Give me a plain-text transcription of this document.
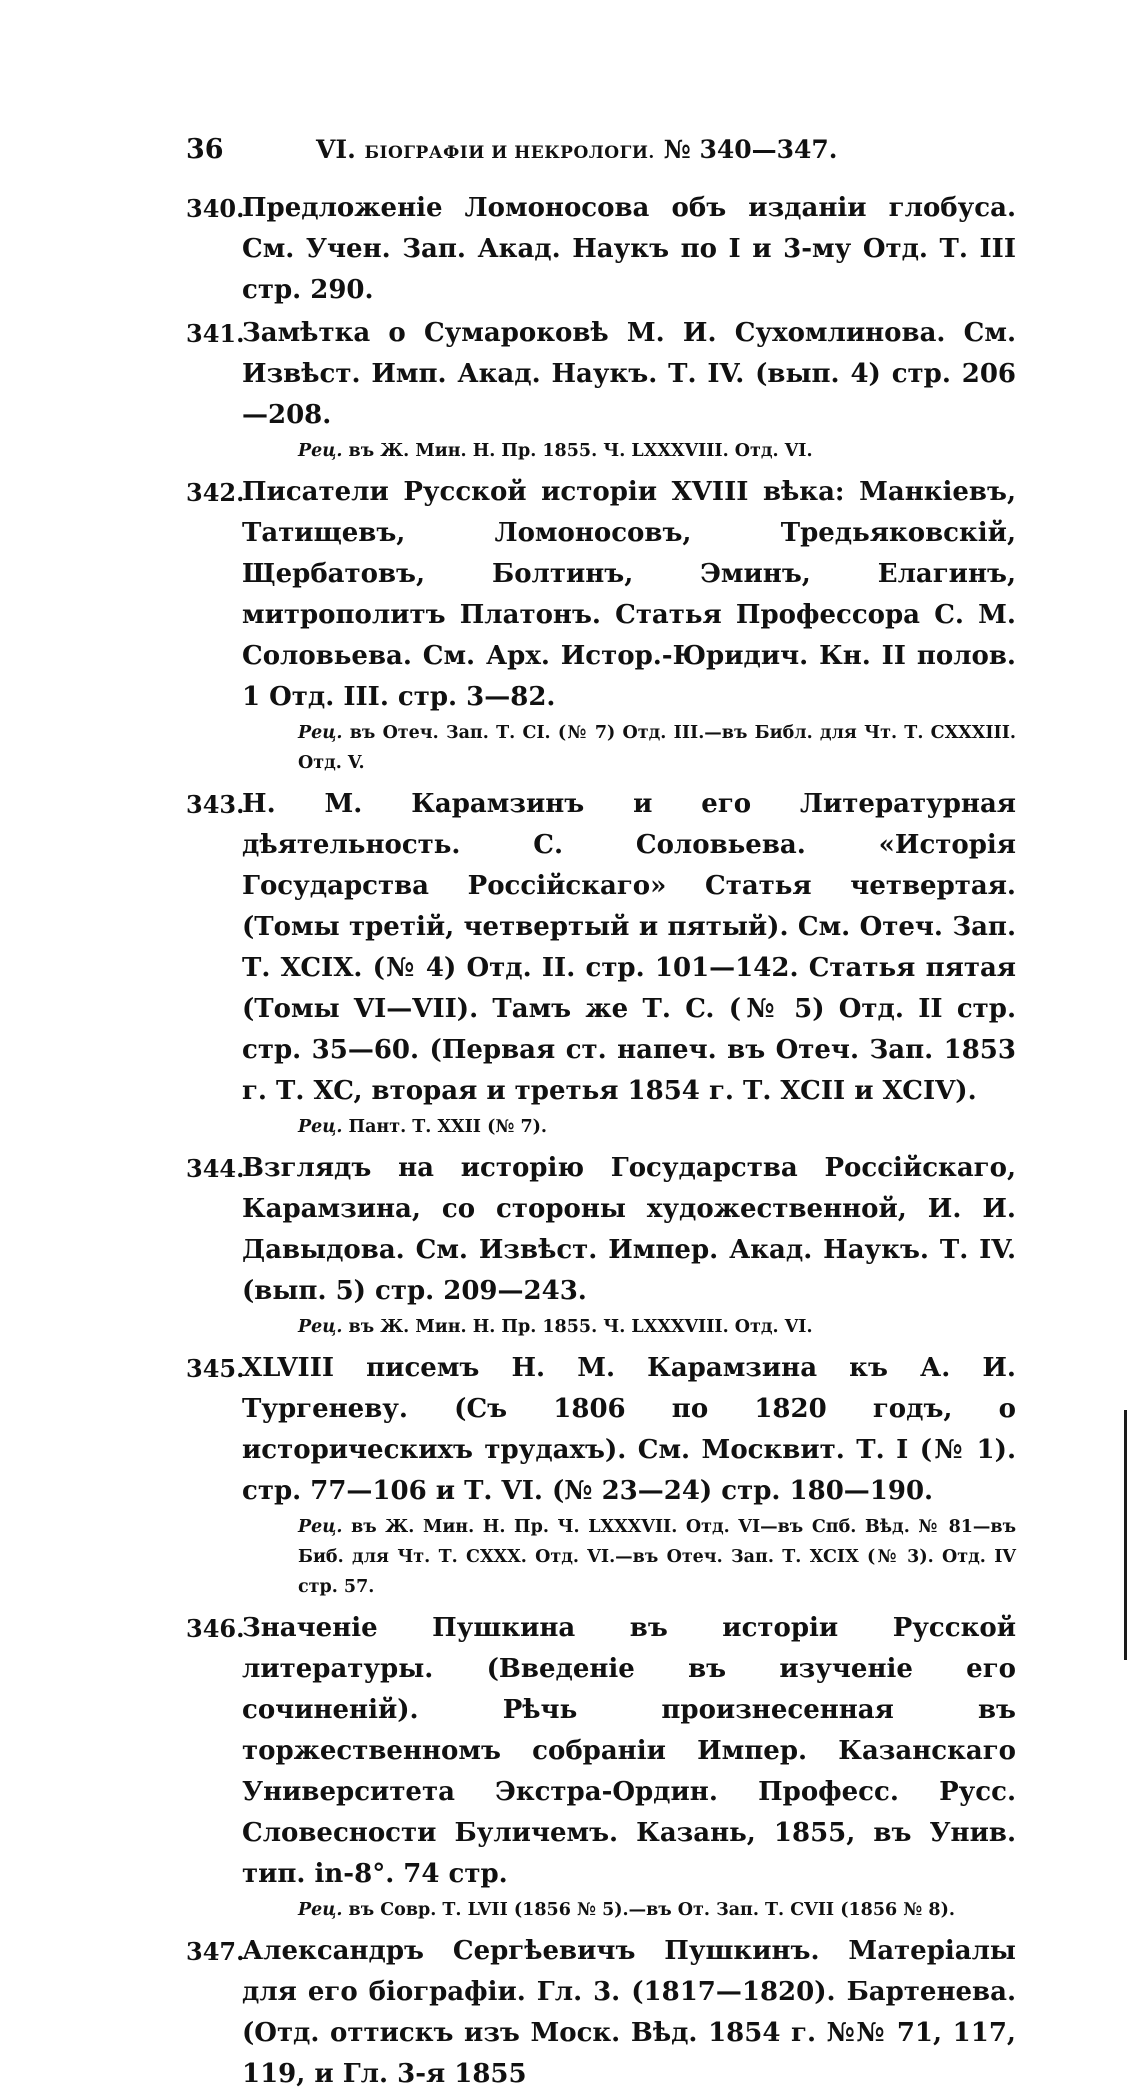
36	VI. БIОГРАФIИ И НЕКРОЛОГИ. № 340—347.
340.
Предложенiе Ломоносова объ изданiи глобуса. См. Учен. Зап. Акад. Наукъ по I и 3-му Отд. Т. III стр. 290.
341.
Замѣтка о Сумароковѣ М. И. Сухомлинова. См. Извѣст. Имп. Акад. Наукъ. Т. IV. (вып. 4) стр. 206—208.
Рец. въ Ж. Мин. Н. Пр. 1855. Ч. LXXXVIII. Отд. VI.
342.
Писатели Русской исторiи XVIII вѣка: Манкiевъ, Татищевъ, Ломоносовъ, Тредьяковскiй, Щербатовъ, Болтинъ, Эминъ, Елагинъ, митрополитъ Платонъ. Статья Профессора С. М. Соловьева. См. Арх. Истор.-Юридич. Кн. II полов. 1 Отд. III. стр. 3—82.
Рец. въ Отеч. Зап. Т. CI. (№ 7) Отд. III.—въ Библ. для Чт. Т. CXXXIII. Отд. V.
343.
Н. М. Карамзинъ и его Литературная дѣятельность. С. Соловьева. «Исторiя Государства Россiйскаго» Статья четвертая. (Томы третiй, четвертый и пятый). См. Отеч. Зап. Т. XCIX. (№ 4) Отд. II. стр. 101—142. Статья пятая (Томы VI—VII). Тамъ же Т. C. (№ 5) Отд. II стр. стр. 35—60. (Первая ст. напеч. въ Отеч. Зап. 1853 г. Т. XC, вторая и третья 1854 г. Т. XCII и XCIV).
Рец. Пант. Т. XXII (№ 7).
344.
Взглядъ на исторiю Государства Россiйскаго, Карамзина, со стороны художественной, И. И. Давыдова. См. Извѣст. Импер. Акад. Наукъ. Т. IV. (вып. 5) стр. 209—243.
Рец. въ Ж. Мин. Н. Пр. 1855. Ч. LXXXVIII. Отд. VI.
345.
XLVIII писемъ Н. М. Карамзина къ А. И. Тургеневу. (Съ 1806 по 1820 годъ, о историческихъ трудахъ). См. Москвит. Т. I (№ 1). стр. 77—106 и Т. VI. (№ 23—24) стр. 180—190.
Рец. въ Ж. Мин. Н. Пр. Ч. LXXXVII. Отд. VI—въ Спб. Вѣд. № 81—въ Биб. для Чт. Т. CXXX. Отд. VI.—въ Отеч. Зап. Т. XCIX (№ 3). Отд. IV стр. 57.
346.
Значенiе Пушкина въ исторiи Русской литературы. (Введенiе въ изученiе его сочиненiй). Рѣчь произнесенная въ торжественномъ собранiи Импер. Казанскаго Университета Экстра-Ордин. Професс. Русс. Словесности Буличемъ. Казань, 1855, въ Унив. тип. in-8°. 74 стр.
Рец. въ Совр. Т. LVII (1856 № 5).—въ От. Зап. Т. CVII (1856 № 8).
347.
Александръ Сергѣевичъ Пушкинъ. Матерiалы для его бiографiи. Гл. 3. (1817—1820). Бартенева. (Отд. оттискъ изъ Моск. Вѣд. 1854 г. №№ 71, 117, 119, и Гл. 3-я 1855
